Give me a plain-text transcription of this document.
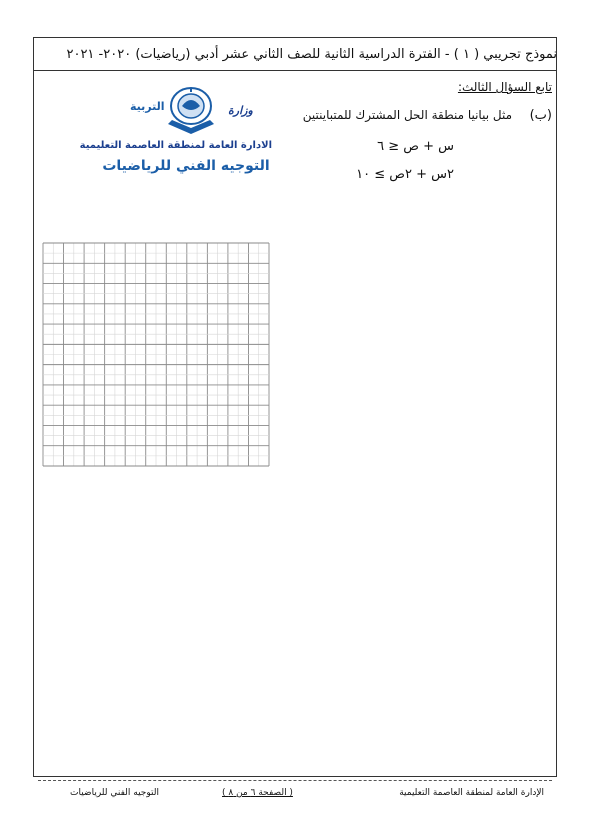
نموذج تجريبي ( ١ ) - الفترة الدراسية الثانية للصف الثاني عشر أدبي (رياضيات) ٢٠٢٠- ٢٠٢١
التربية	وزارة
الادارة العامة لمنطقة العاصمة التعليمية
التوجيه الفني للرياضيات
تابع السؤال الثالث:
(ب)
مثل بيانيا منطقة الحل المشترك للمتباينتين
س + ص ≤ ٦
٢س + ٢ص ≥ ١٠
الإدارة العامة لمنطقة العاصمة التعليمية
( الصفحة ٦ من ٨ )
التوجيه الفني للرياضيات
